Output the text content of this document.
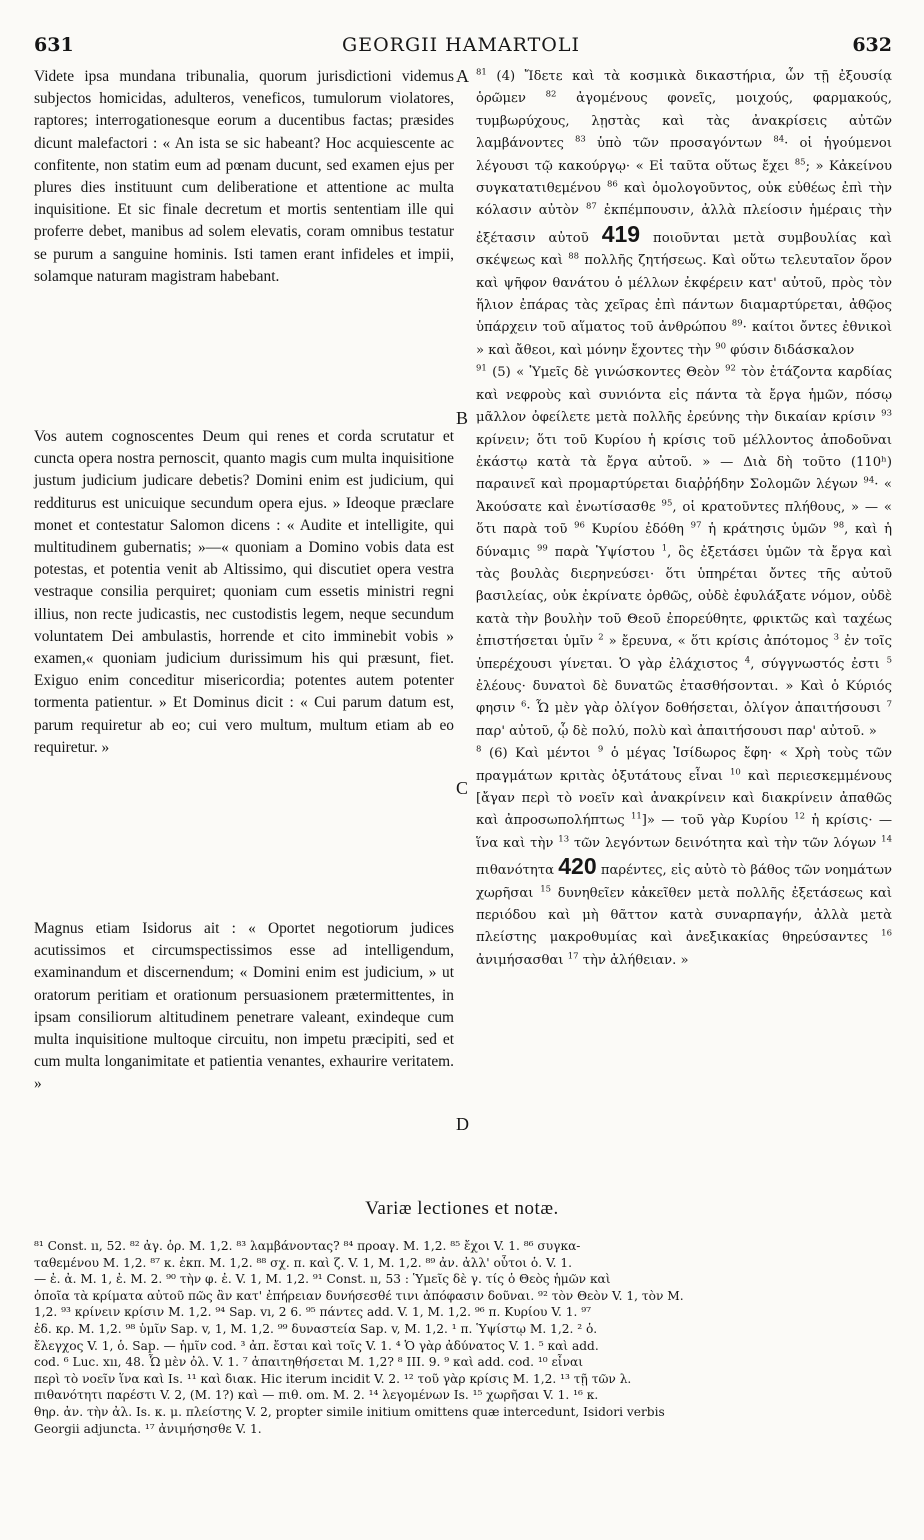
631	GEORGII HAMARTOLI	632
A
B
C
D

Videte ipsa mundana tribunalia, quorum jurisdictioni videmus subjectos homicidas, adulteros, veneficos, tumulorum violatores, raptores; interrogationesque eorum a ducentibus factas; præsides dicunt malefactori : « An ista se sic habeant? Hoc acquiescente ac confitente, non statim eum ad pœnam ducunt, sed examen ejus per plures dies instituunt cum deliberatione et attentione ac multa inquisitione. Et sic finale decretum et mortis sententiam ille qui proferre debet, manibus ad solem elevatis, coram omnibus testatur se purum a sanguine hominis. Isti tamen erant infideles et impii, solamque naturam magistram habebant.

Vos autem cognoscentes Deum qui renes et corda scrutatur et cuncta opera nostra pernoscit, quanto magis cum multa inquisitione justum judicium judicare debetis? Domini enim est judicium, qui redditurus est unicuique secundum opera ejus. » Ideoque præclare monet et contestatur Salomon dicens : « Audite et intelligite, qui multitudinem gubernatis; »—« quoniam a Domino vobis data est potestas, et potentia venit ab Altissimo, qui discutiet opera vestra vestraque consilia perquiret; quoniam cum essetis ministri regni illius, non recte judicastis, nec custodistis legem, neque secundum voluntatem Dei ambulastis, horrende et cito imminebit vobis » examen,« quoniam judicium durissimum his qui præsunt, fiet. Exiguo enim conceditur misericordia; potentes autem potenter tormenta patientur. » Et Dominus dicit : « Cui parum datum est, parum requiretur ab eo; cui vero multum, multum etiam ab eo requiretur. »

Magnus etiam Isidorus ait : « Oportet negotiorum judices acutissimos et circumspectissimos esse ad intelligendum, examinandum et discernendum; « Domini enim est judicium, » ut oratorum peritiam et orationum persuasionem prætermittentes, in ipsam consiliorum altitudinem penetrare valeant, exindeque cum multa inquisitione multoque circuitu, non impetu præcipiti, sed et cum multa longanimitate et patientia venantes, exhaurire veritatem. »

$^{81}$ (4) Ἴδετε καὶ τὰ κοσμικὰ δικαστήρια, ὧν τῇ ἐξουσίᾳ ὁρῶμεν $^{82}$ ἀγομένους φονεῖς, μοιχούς, φαρμακούς, τυμβωρύχους, λῃστὰς καὶ τὰς ἀνακρίσεις αὐτῶν λαμβάνοντες $^{83}$ ὑπὸ τῶν προσαγόντων $^{84}$· οἱ ἡγούμενοι λέγουσι τῷ κακούργῳ· « Εἰ ταῦτα οὕτως ἔχει $^{85}$; » Κἀκείνου συγκατατιθεμένου $^{86}$ καὶ ὁμολογοῦντος, οὐκ εὐθέως ἐπὶ τὴν κόλασιν αὐτὸν $^{87}$ ἐκπέμπουσιν, ἀλλὰ πλείοσιν ἡμέραις τὴν ἐξέτασιν αὐτοῦ 419 ποιοῦνται μετὰ συμβουλίας καὶ σκέψεως καὶ $^{88}$ πολλῆς ζητήσεως. Καὶ οὕτω τελευταῖον ὅρον καὶ ψῆφον θανάτου ὁ μέλλων ἐκφέρειν κατ' αὐτοῦ, πρὸς τὸν ἥλιον ἐπάρας τὰς χεῖρας ἐπὶ πάντων διαμαρτύρεται, ἀθῷος ὑπάρχειν τοῦ αἵματος τοῦ ἀνθρώπου $^{89}$· καίτοι ὄντες ἐθνικοὶ » καὶ ἄθεοι, καὶ μόνην ἔχοντες τὴν $^{90}$ φύσιν διδάσκαλον

$^{91}$ (5) « Ὑμεῖς δὲ γινώσκοντες Θεὸν $^{92}$ τὸν ἐτάζοντα καρδίας καὶ νεφροὺς καὶ συνιόντα εἰς πάντα τὰ ἔργα ἡμῶν, πόσῳ μᾶλλον ὀφείλετε μετὰ πολλῆς ἐρεύνης τὴν δικαίαν κρίσιν $^{93}$ κρίνειν; ὅτι τοῦ Κυρίου ἡ κρίσις τοῦ μέλλοντος ἀποδοῦναι ἑκάστῳ κατὰ τὰ ἔργα αὐτοῦ. » — Διὰ δὴ τοῦτο (110ʰ) παραινεῖ καὶ προμαρτύρεται διαῤῥήδην Σολομῶν λέγων $^{94}$· « Ἀκούσατε καὶ ἐνωτίσασθε $^{95}$, οἱ κρατοῦντες πλήθους, » — « ὅτι παρὰ τοῦ $^{96}$ Κυρίου ἐδόθη $^{97}$ ἡ κράτησις ὑμῶν $^{98}$, καὶ ἡ δύναμις $^{99}$ παρὰ Ὑψίστου $^1$, ὃς ἐξετάσει ὑμῶν τὰ ἔργα καὶ τὰς βουλὰς διερηνεύσει· ὅτι ὑπηρέται ὄντες τῆς αὐτοῦ βασιλείας, οὐκ ἐκρίνατε ὀρθῶς, οὐδὲ ἐφυλάξατε νόμον, οὐδὲ κατὰ τὴν βουλὴν τοῦ Θεοῦ ἐπορεύθητε, φρικτῶς καὶ ταχέως ἐπιστήσεται ὑμῖν $^2$ » ἔρευνα, « ὅτι κρίσις ἀπότομος $^3$ ἐν τοῖς ὑπερέχουσι γίνεται. Ὁ γὰρ ἐλάχιστος $^4$, σύγγνωστός ἐστι $^5$ ἐλέους· δυνατοὶ δὲ δυνατῶς ἐτασθήσονται. » Καὶ ὁ Κύριός φησιν $^6$· Ὧ μὲν γὰρ ὀλίγον δοθήσεται, ὀλίγον ἀπαιτήσουσι $^7$ παρ' αὐτοῦ, ᾧ δὲ πολύ, πολὺ καὶ ἀπαιτήσουσι παρ' αὐτοῦ. »

$^8$ (6) Καὶ μέντοι $^9$ ὁ μέγας Ἰσίδωρος ἔφη· « Χρὴ τοὺς τῶν πραγμάτων κριτὰς ὀξυτάτους εἶναι $^{10}$ καὶ περιεσκεμμένους [ἄγαν περὶ τὸ νοεῖν καὶ ἀνακρίνειν καὶ διακρίνειν ἀπαθῶς καὶ ἀπροσωπολήπτως $^{11}$]» — τοῦ γὰρ Κυρίου $^{12}$ ἡ κρίσις· — ἵνα καὶ τὴν $^{13}$ τῶν λεγόντων δεινότητα καὶ τὴν τῶν λόγων $^{14}$ πιθανότητα 420 παρέντες, εἰς αὐτὸ τὸ βάθος τῶν νοημάτων χωρῆσαι $^{15}$ δυνηθεῖεν κἀκεῖθεν μετὰ πολλῆς ἐξετάσεως καὶ περιόδου καὶ μὴ θᾶττον κατὰ συναρπαγήν, ἀλλὰ μετὰ πλείστης μακροθυμίας καὶ ἀνεξικακίας θηρεύσαντες $^{16}$ ἀνιμήσασθαι $^{17}$ τὴν ἀλήθειαν. »

Variæ lectiones et notæ.
⁸¹ Const. ıı, 52. ⁸² ἀγ. ὁρ. M. 1,2. ⁸³ λαμβάνοντας? ⁸⁴ προαγ. M. 1,2. ⁸⁵ ἔχοι V. 1. ⁸⁶ συγκα-
ταθεμένου M. 1,2. ⁸⁷ κ. ἐκπ. M. 1,2. ⁸⁸ σχ. π. καὶ ζ. V. 1, M. 1,2. ⁸⁹ ἀν. ἀλλ' οὗτοι ὁ. V. 1.
— ἐ. ἀ. M. 1, ἐ. M. 2. ⁹⁰ τὴν φ. ἐ. V. 1, M. 1,2. ⁹¹ Const. ıı, 53 : Ὑμεῖς δὲ γ. τίς ὁ Θεὸς ἡμῶν καὶ
ὁποῖα τὰ κρίματα αὐτοῦ πῶς ἂν κατ' ἐπήρειαν δυνήσεσθέ τινι ἀπόφασιν δοῦναι. ⁹² τὸν Θεὸν V. 1, τὸν M.
1,2. ⁹³ κρίνειν κρίσιν M. 1,2. ⁹⁴ Sap. vı, 2 6. ⁹⁵ πάντες add. V. 1, M. 1,2. ⁹⁶ π. Κυρίου V. 1. ⁹⁷
ἐδ. κρ. M. 1,2. ⁹⁸ ὑμῖν Sap. v, 1, M. 1,2. ⁹⁹ δυναστεία Sap. v, M. 1,2. ¹ π. Ὑψίστῳ M. 1,2. ² ὁ.
ἔλεγχος V. 1, ὁ. Sap. — ἡμῖν cod. ³ ἀπ. ἔσται καὶ τοῖς V. 1. ⁴ Ὁ γὰρ ἀδύνατος V. 1. ⁵ καὶ add.
cod. ⁶ Luc. xıı, 48. Ὧ μὲν ὀλ. V. 1. ⁷ ἀπαιτηθήσεται M. 1,2? ⁸ III. 9. ⁹ καὶ add. cod. ¹⁰ εἶναι
περὶ τὸ νοεῖν ἵνα καὶ Is. ¹¹ καὶ διακ. Hic iterum incidit V. 2. ¹² τοῦ γὰρ κρίσις M. 1,2. ¹³ τῇ τῶν λ.
πιθανότητι παρέστι V. 2, (M. 1?) καὶ — πιθ. om. M. 2. ¹⁴ λεγομένων Is. ¹⁵ χωρῆσαι V. 1. ¹⁶ κ.
θηρ. ἀν. τὴν ἀλ. Is. κ. μ. πλείστης V. 2, propter simile initium omittens quæ intercedunt, Isidori verbis
Georgii adjuncta. ¹⁷ ἀνιμήσησθε V. 1.
